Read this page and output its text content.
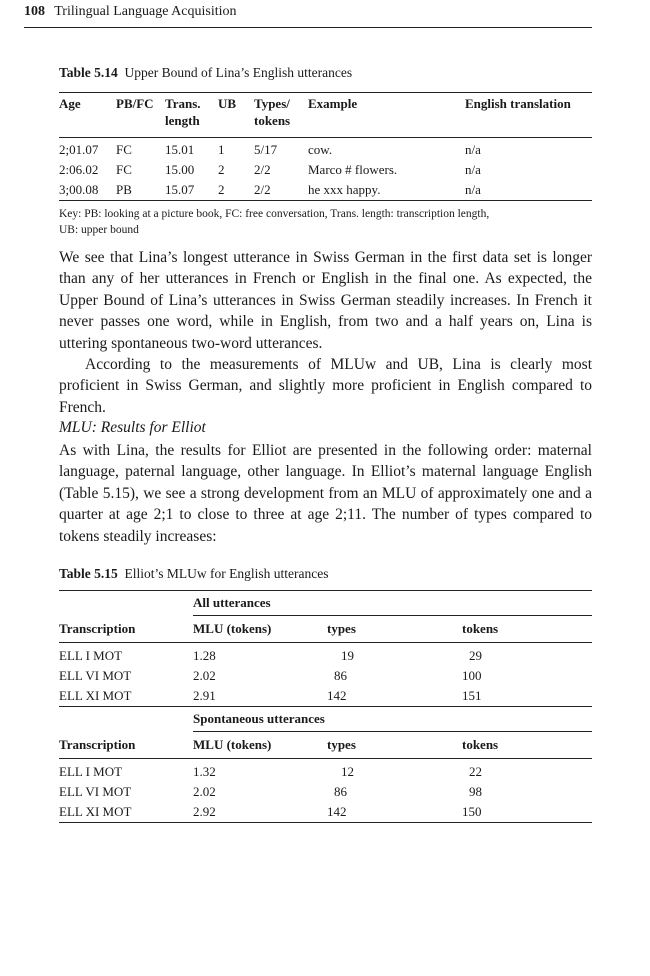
108 Trilingual Language Acquisition
Table 5.14 Upper Bound of Lina’s English utterances
Age	PB/FC	Trans. length	UB	Types/ tokens	Example	English translation

2;01.07	FC	15.01	1	5/17	cow.	n/a
2:06.02	FC	15.00	2	2/2	Marco # flowers.	n/a
3;00.08	PB	15.07	2	2/2	he xxx happy.	n/a
Key: PB: looking at a picture book, FC: free conversation, Trans. length: transcription length,
UB: upper bound

We see that Lina’s longest utterance in Swiss German in the first data set is longer than any of her utterances in French or English in the final one. As expected, the Upper Bound of Lina’s utterances in Swiss German steadily increases. In French it never passes one word, while in English, from two and a half years on, Lina is uttering spontaneous two-word utterances.

According to the measurements of MLUw and UB, Lina is clearly most proficient in Swiss German, and slightly more proficient in English compared to French.

MLU: Results for Elliot

As with Lina, the results for Elliot are presented in the following order: maternal language, paternal language, other language. In Elliot’s maternal language English (Table 5.15), we see a strong development from an MLU of approximately one and a quarter at age 2;1 to close to three at age 2;11. The number of types compared to tokens steadily increases:

Table 5.15 Elliot’s MLUw for English utterances
	All utterances		
Transcription	MLU (tokens)	types	tokens
ELL I MOT	1.28	19	29
ELL VI MOT	2.02	86	100
ELL XI MOT	2.91	142	151
	Spontaneous utterances		
Transcription	MLU (tokens)	types	tokens
ELL I MOT	1.32	12	22
ELL VI MOT	2.02	86	98
ELL XI MOT	2.92	142	150
